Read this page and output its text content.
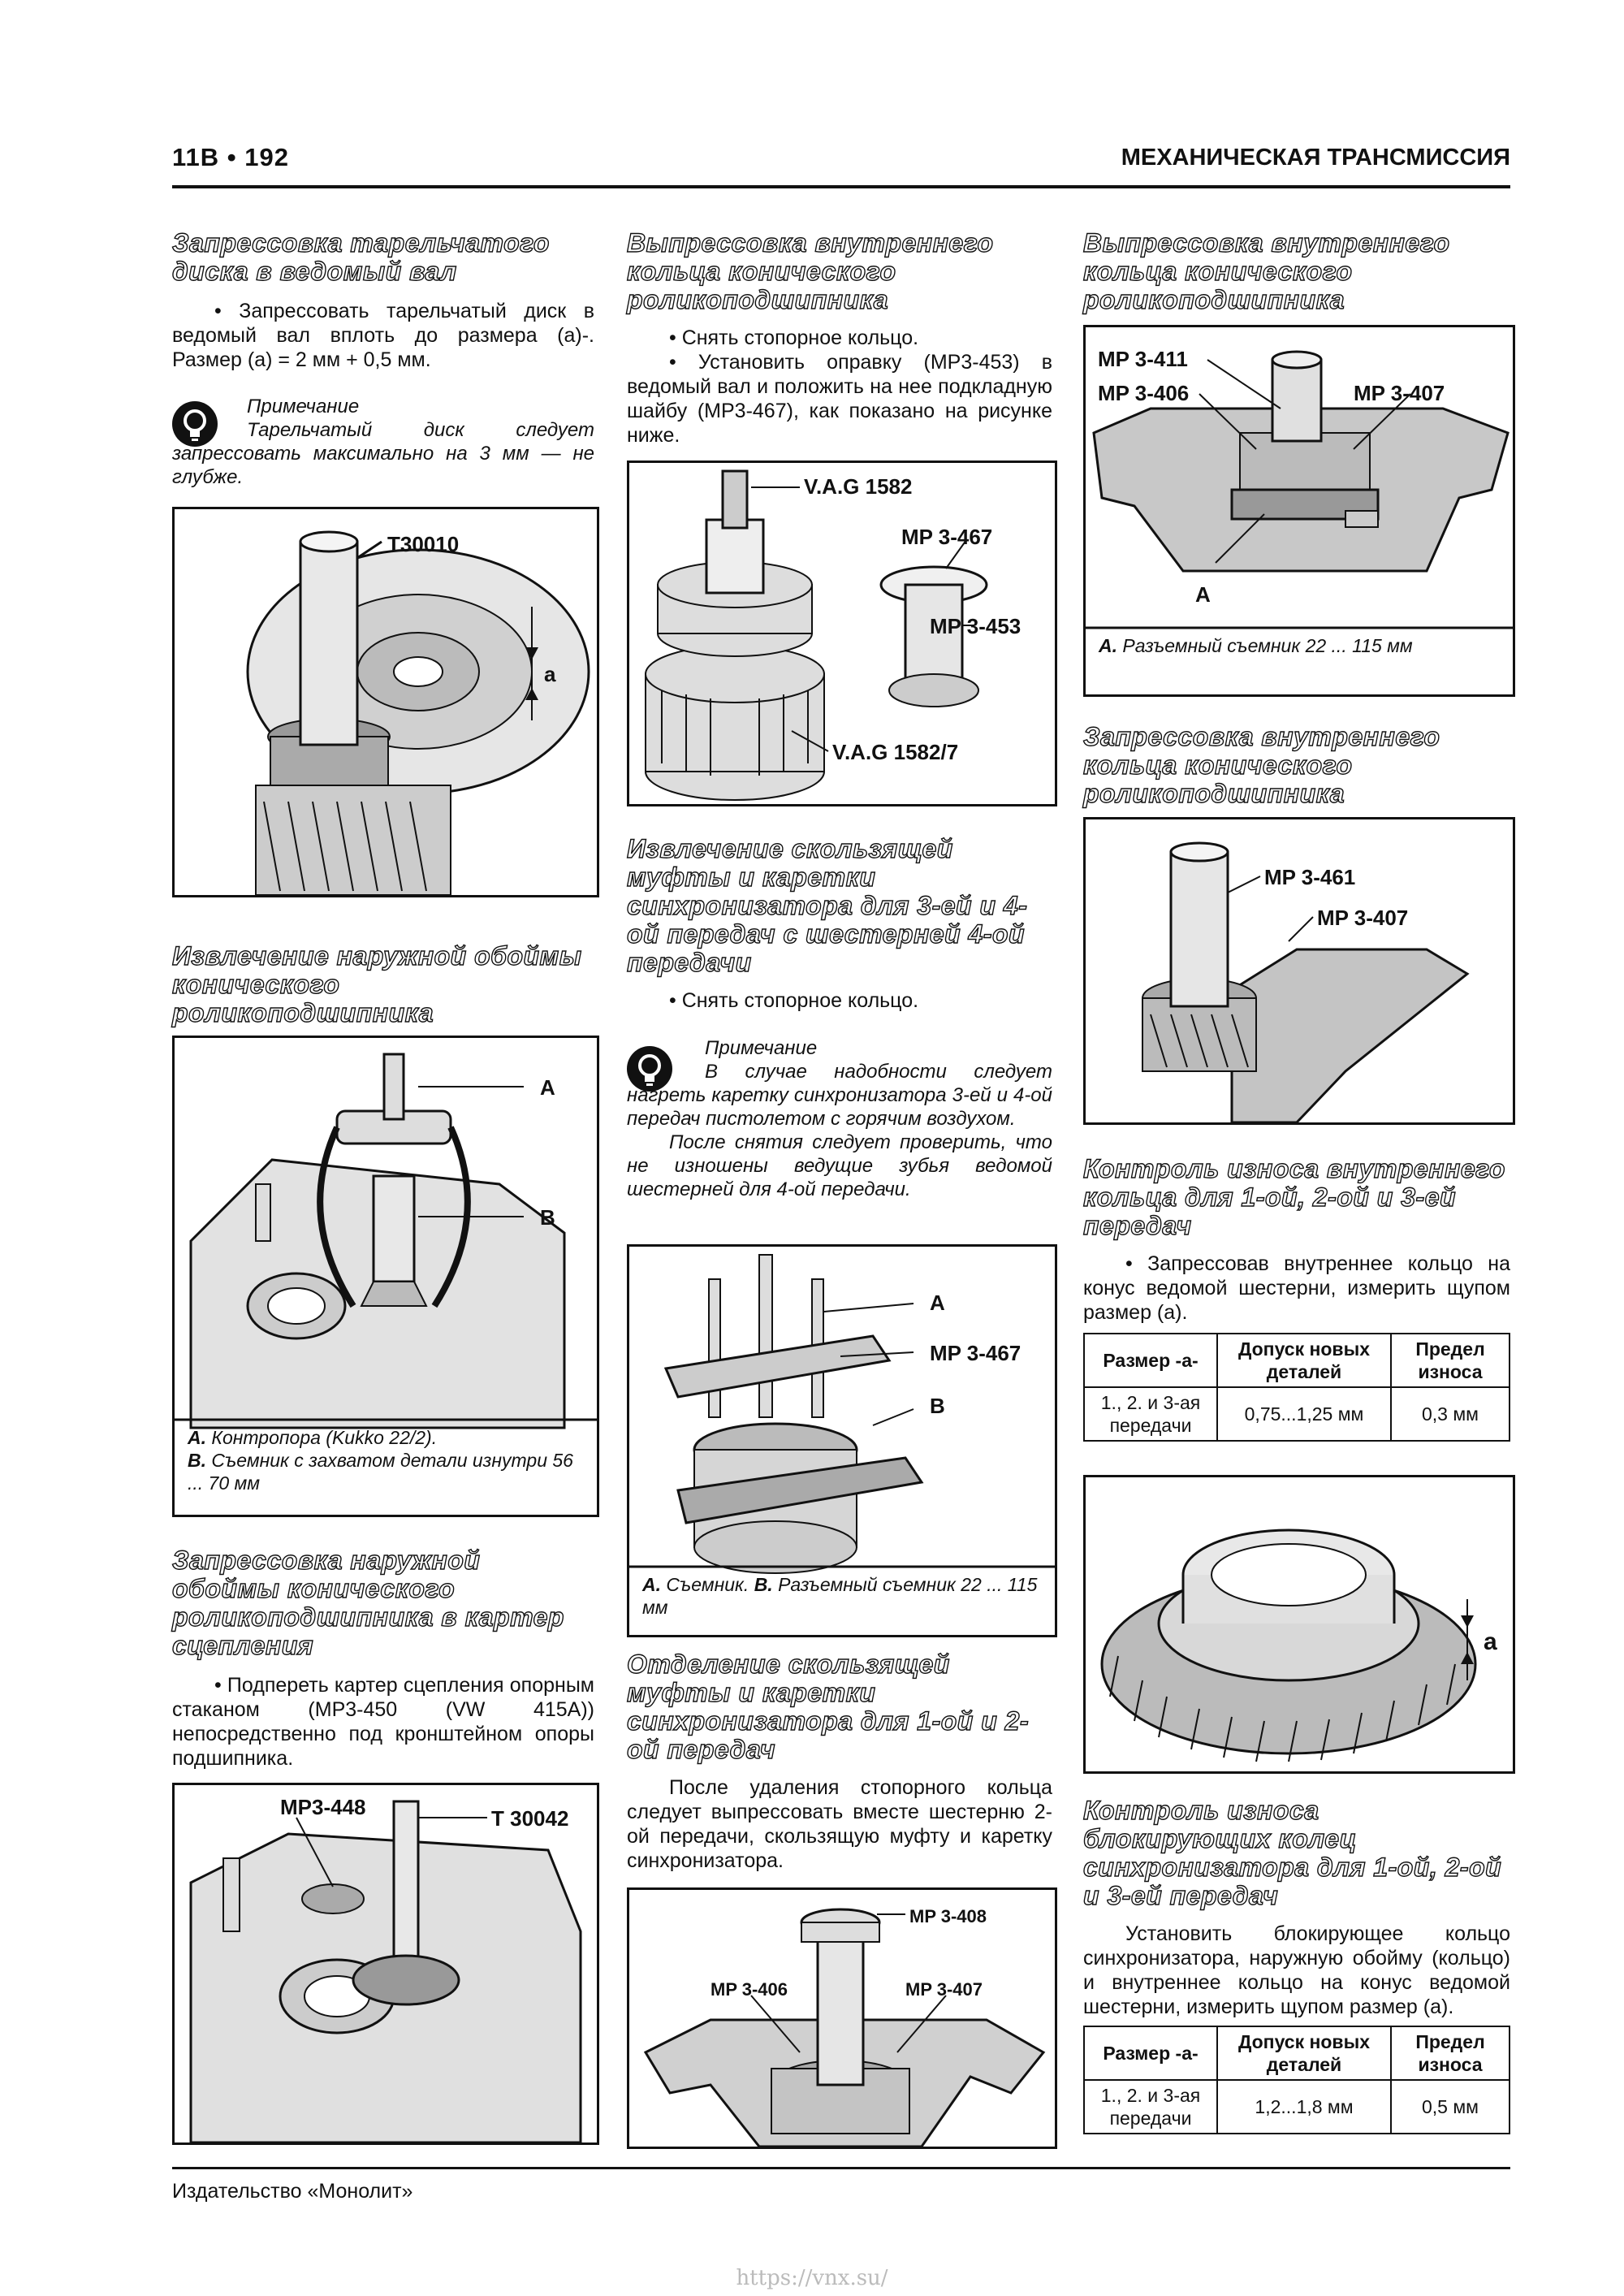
11B • 192	МЕХАНИЧЕСКАЯ ТРАНСМИССИЯ
Запрессовка тарельчатого диска в ведомый вал

• Запрессовать тарельчатый диск в ведомый вал вплоть до размера (а)-. Размер (а) = 2 мм + 0,5 мм.

Примечание
Тарельчатый диск следует запрессовать максимально на 3 мм — не глубже.
T30010
a
Извлечение наружной обоймы конического роликоподшипника
A
B
А. Контропора (Kukko 22/2).
В. Съемник с захватом детали изнутри 56 ... 70 мм
Запрессовка наружной обоймы конического роликоподшипника в картер сцепления

• Подпереть картер сцепления опорным стаканом (МР3-450 (VW 415A)) непосредственно под кронштейном опоры подшипника.

MP3-448	T 30042
Выпрессовка внутреннего кольца конического роликоподшипника

• Снять стопорное кольцо.

• Установить оправку (МР3-453) в ведомый вал и положить на нее подкладную шайбу (МР3-467), как показано на рисунке ниже.

V.A.G 1582
MP 3-467
MP 3-453
V.A.G 1582/7
Извлечение скользящей муфты и каретки синхронизатора для 3-ей и 4-ой передач с шестерней 4-ой передачи

• Снять стопорное кольцо.

Примечание
В случае надобности следует нагреть каретку синхронизатора 3-ей и 4-ой передач пистолетом с горячим воздухом.
После снятия следует проверить, что не изношены ведущие зубья ведомой шестерней для 4-ой передачи.
A
MP 3-467
B
А. Съемник. В. Разъемный съемник 22 ... 115 мм
Отделение скользящей муфты и каретки синхронизатора для 1-ой и 2-ой передач

После удаления стопорного кольца следует выпрессовать вместе шестерню 2-ой передачи, скользящую муфту и каретку синхронизатора.

MP 3-408
MP 3-406	MP 3-407
Выпрессовка внутреннего кольца конического роликоподшипника
MP 3-411
MP 3-406	MP 3-407
A
А. Разъемный съемник 22 ... 115 мм
Запрессовка внутреннего кольца конического роликоподшипника
MP 3-461
MP 3-407
Контроль износа внутреннего кольца для 1-ой, 2-ой и 3-ей передач

• Запрессовав внутреннее кольцо на конус ведомой шестерни, измерить щупом размер (а).

Размер -а-	Допуск новых деталей	Предел износа
1., 2. и 3-ая передачи	0,75...1,25 мм	0,3 мм
a
Контроль износа блокирующих колец синхронизатора для 1-ой, 2-ой и 3-ей передач

Установить блокирующее кольцо синхронизатора, наружную обойму (кольцо) и внутреннее кольцо на конус ведомой шестерни, измерить щупом размер (а).

Размер -а-	Допуск новых деталей	Предел износа
1., 2. и 3-ая передачи	1,2...1,8 мм	0,5 мм
Издательство «Монолит»
https://vnx.su/
